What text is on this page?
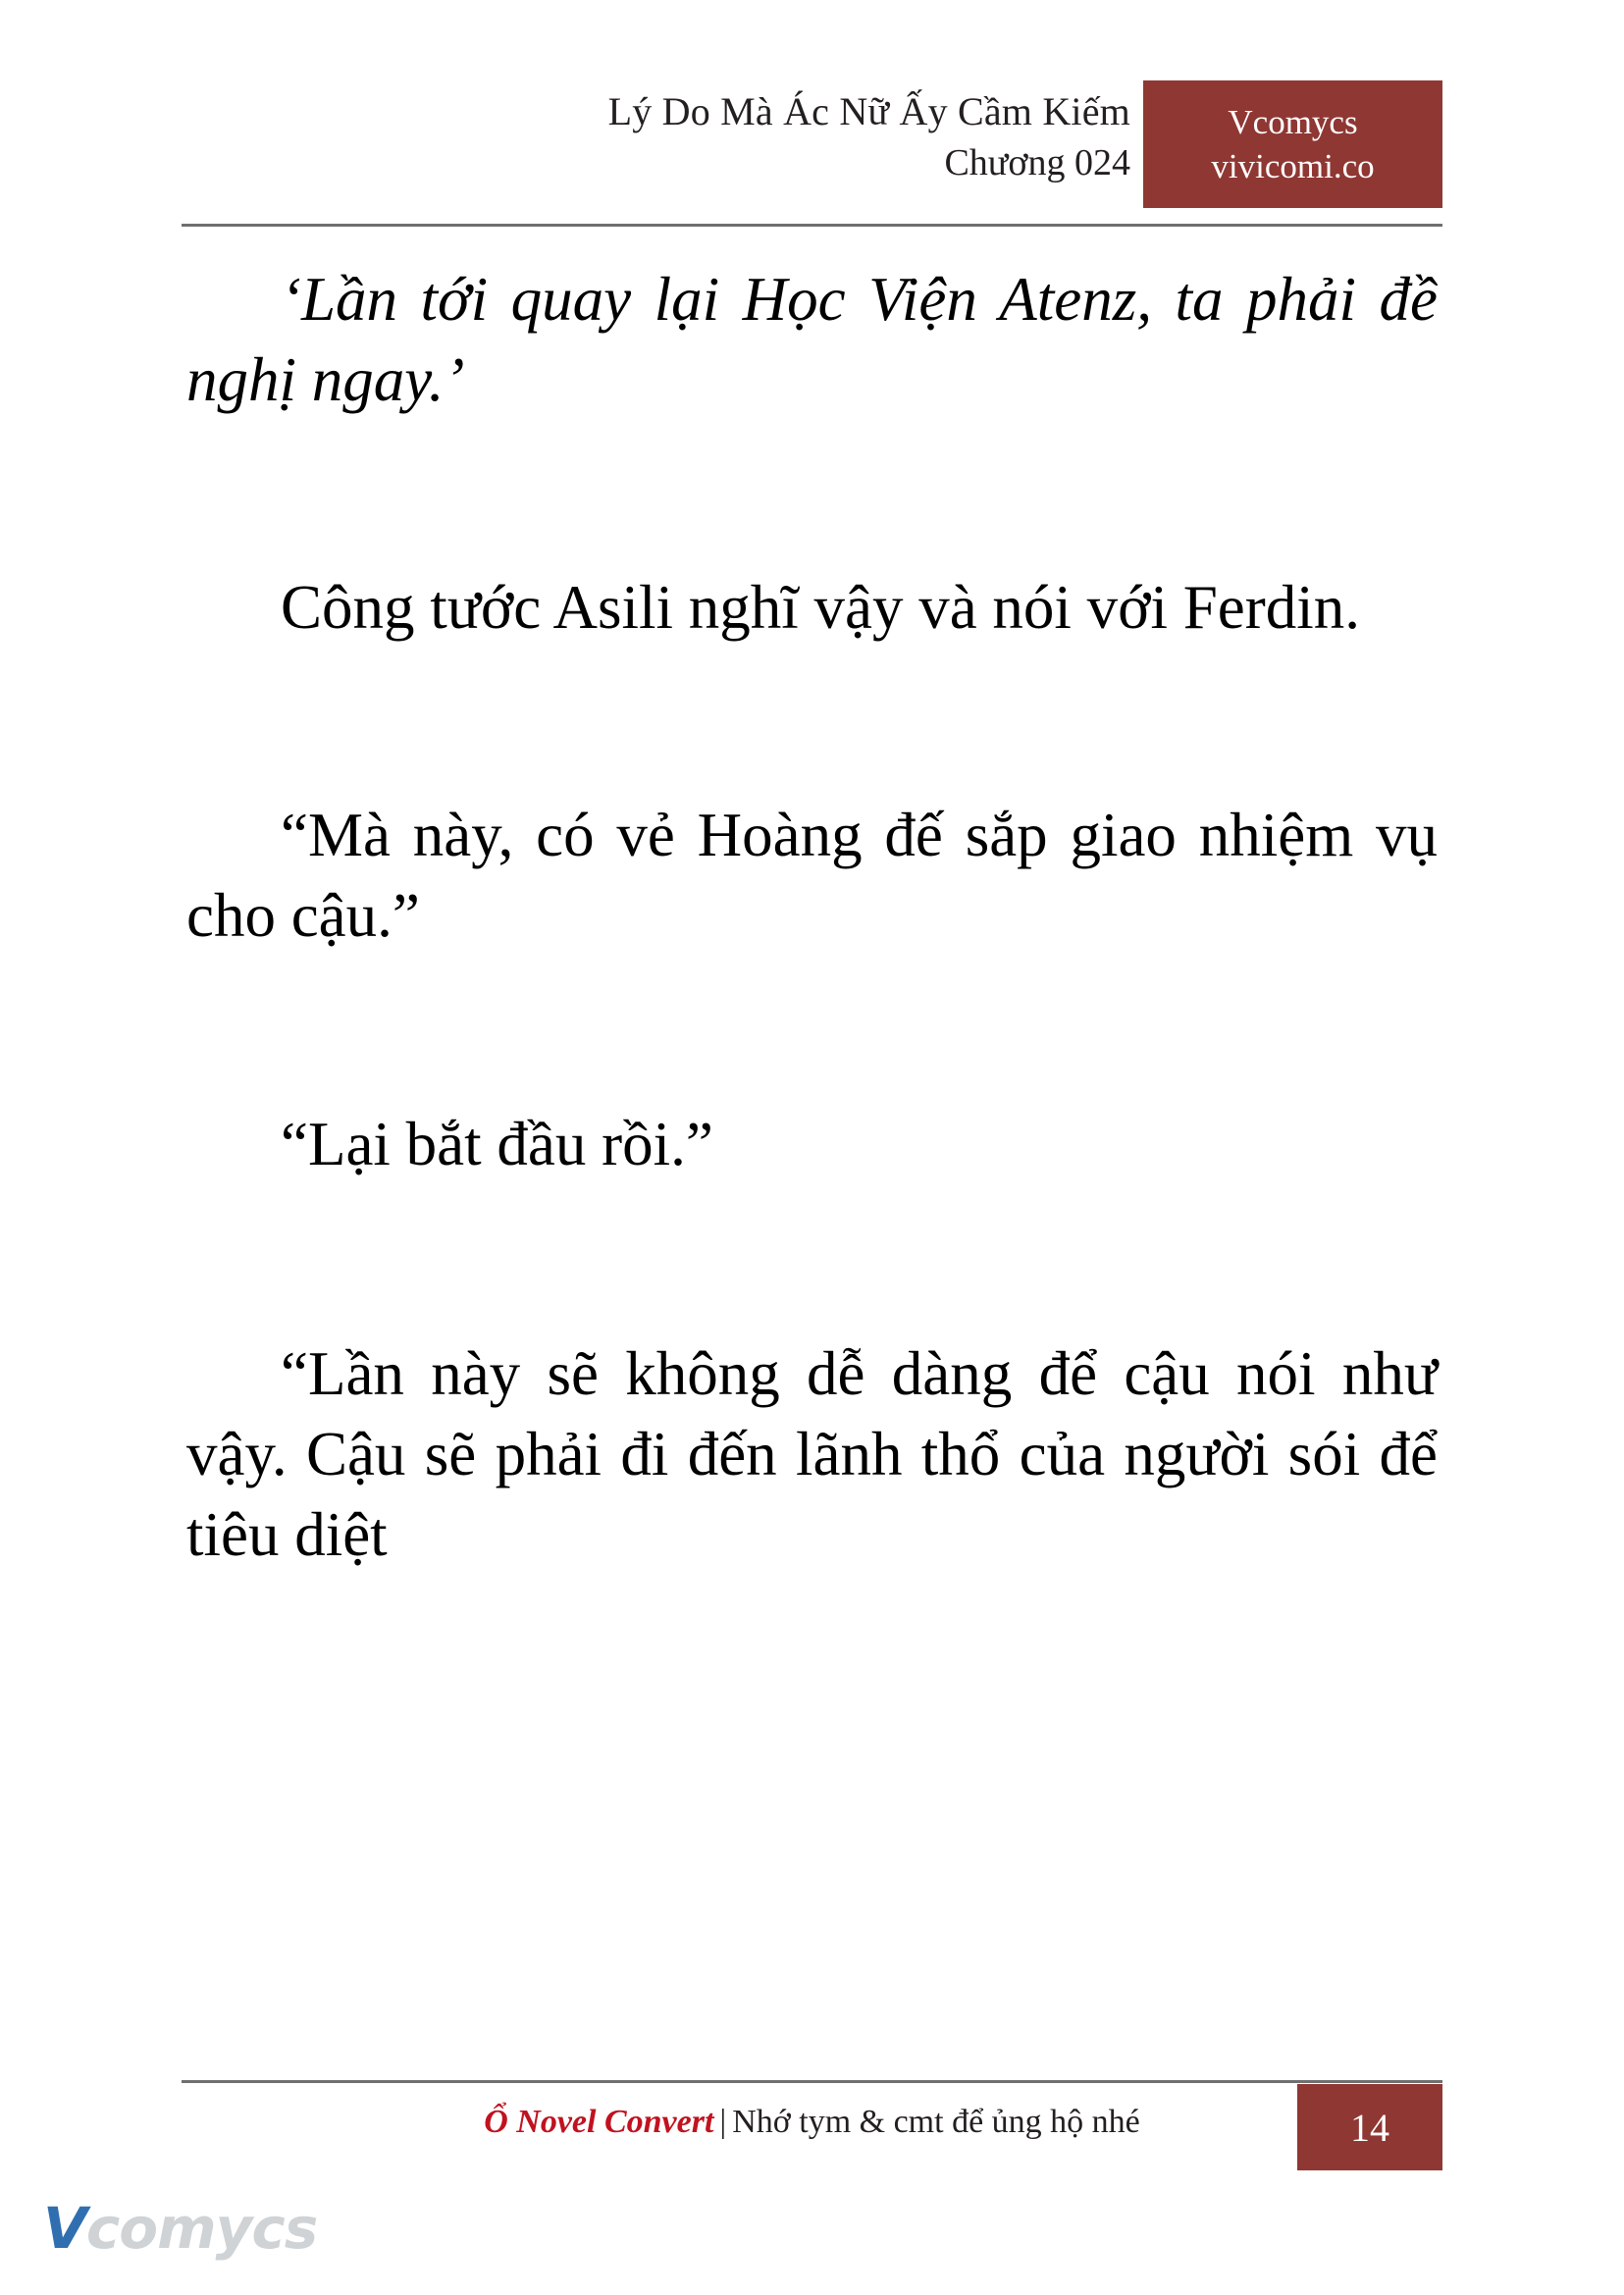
Lý Do Mà Ác Nữ Ấy Cầm Kiếm
Chương 024
Vcomycs
vivicomi.co

‘Lần tới quay lại Học Viện Atenz, ta phải đề nghị ngay.’

Công tước Asili nghĩ vậy và nói với Ferdin.

“Mà này, có vẻ Hoàng đế sắp giao nhiệm vụ cho cậu.”

“Lại bắt đầu rồi.”

“Lần này sẽ không dễ dàng để cậu nói như vậy. Cậu sẽ phải đi đến lãnh thổ của người sói để tiêu diệt

Ổ Novel Convert | Nhớ tym & cmt để ủng hộ nhé	14
Vcomycs
